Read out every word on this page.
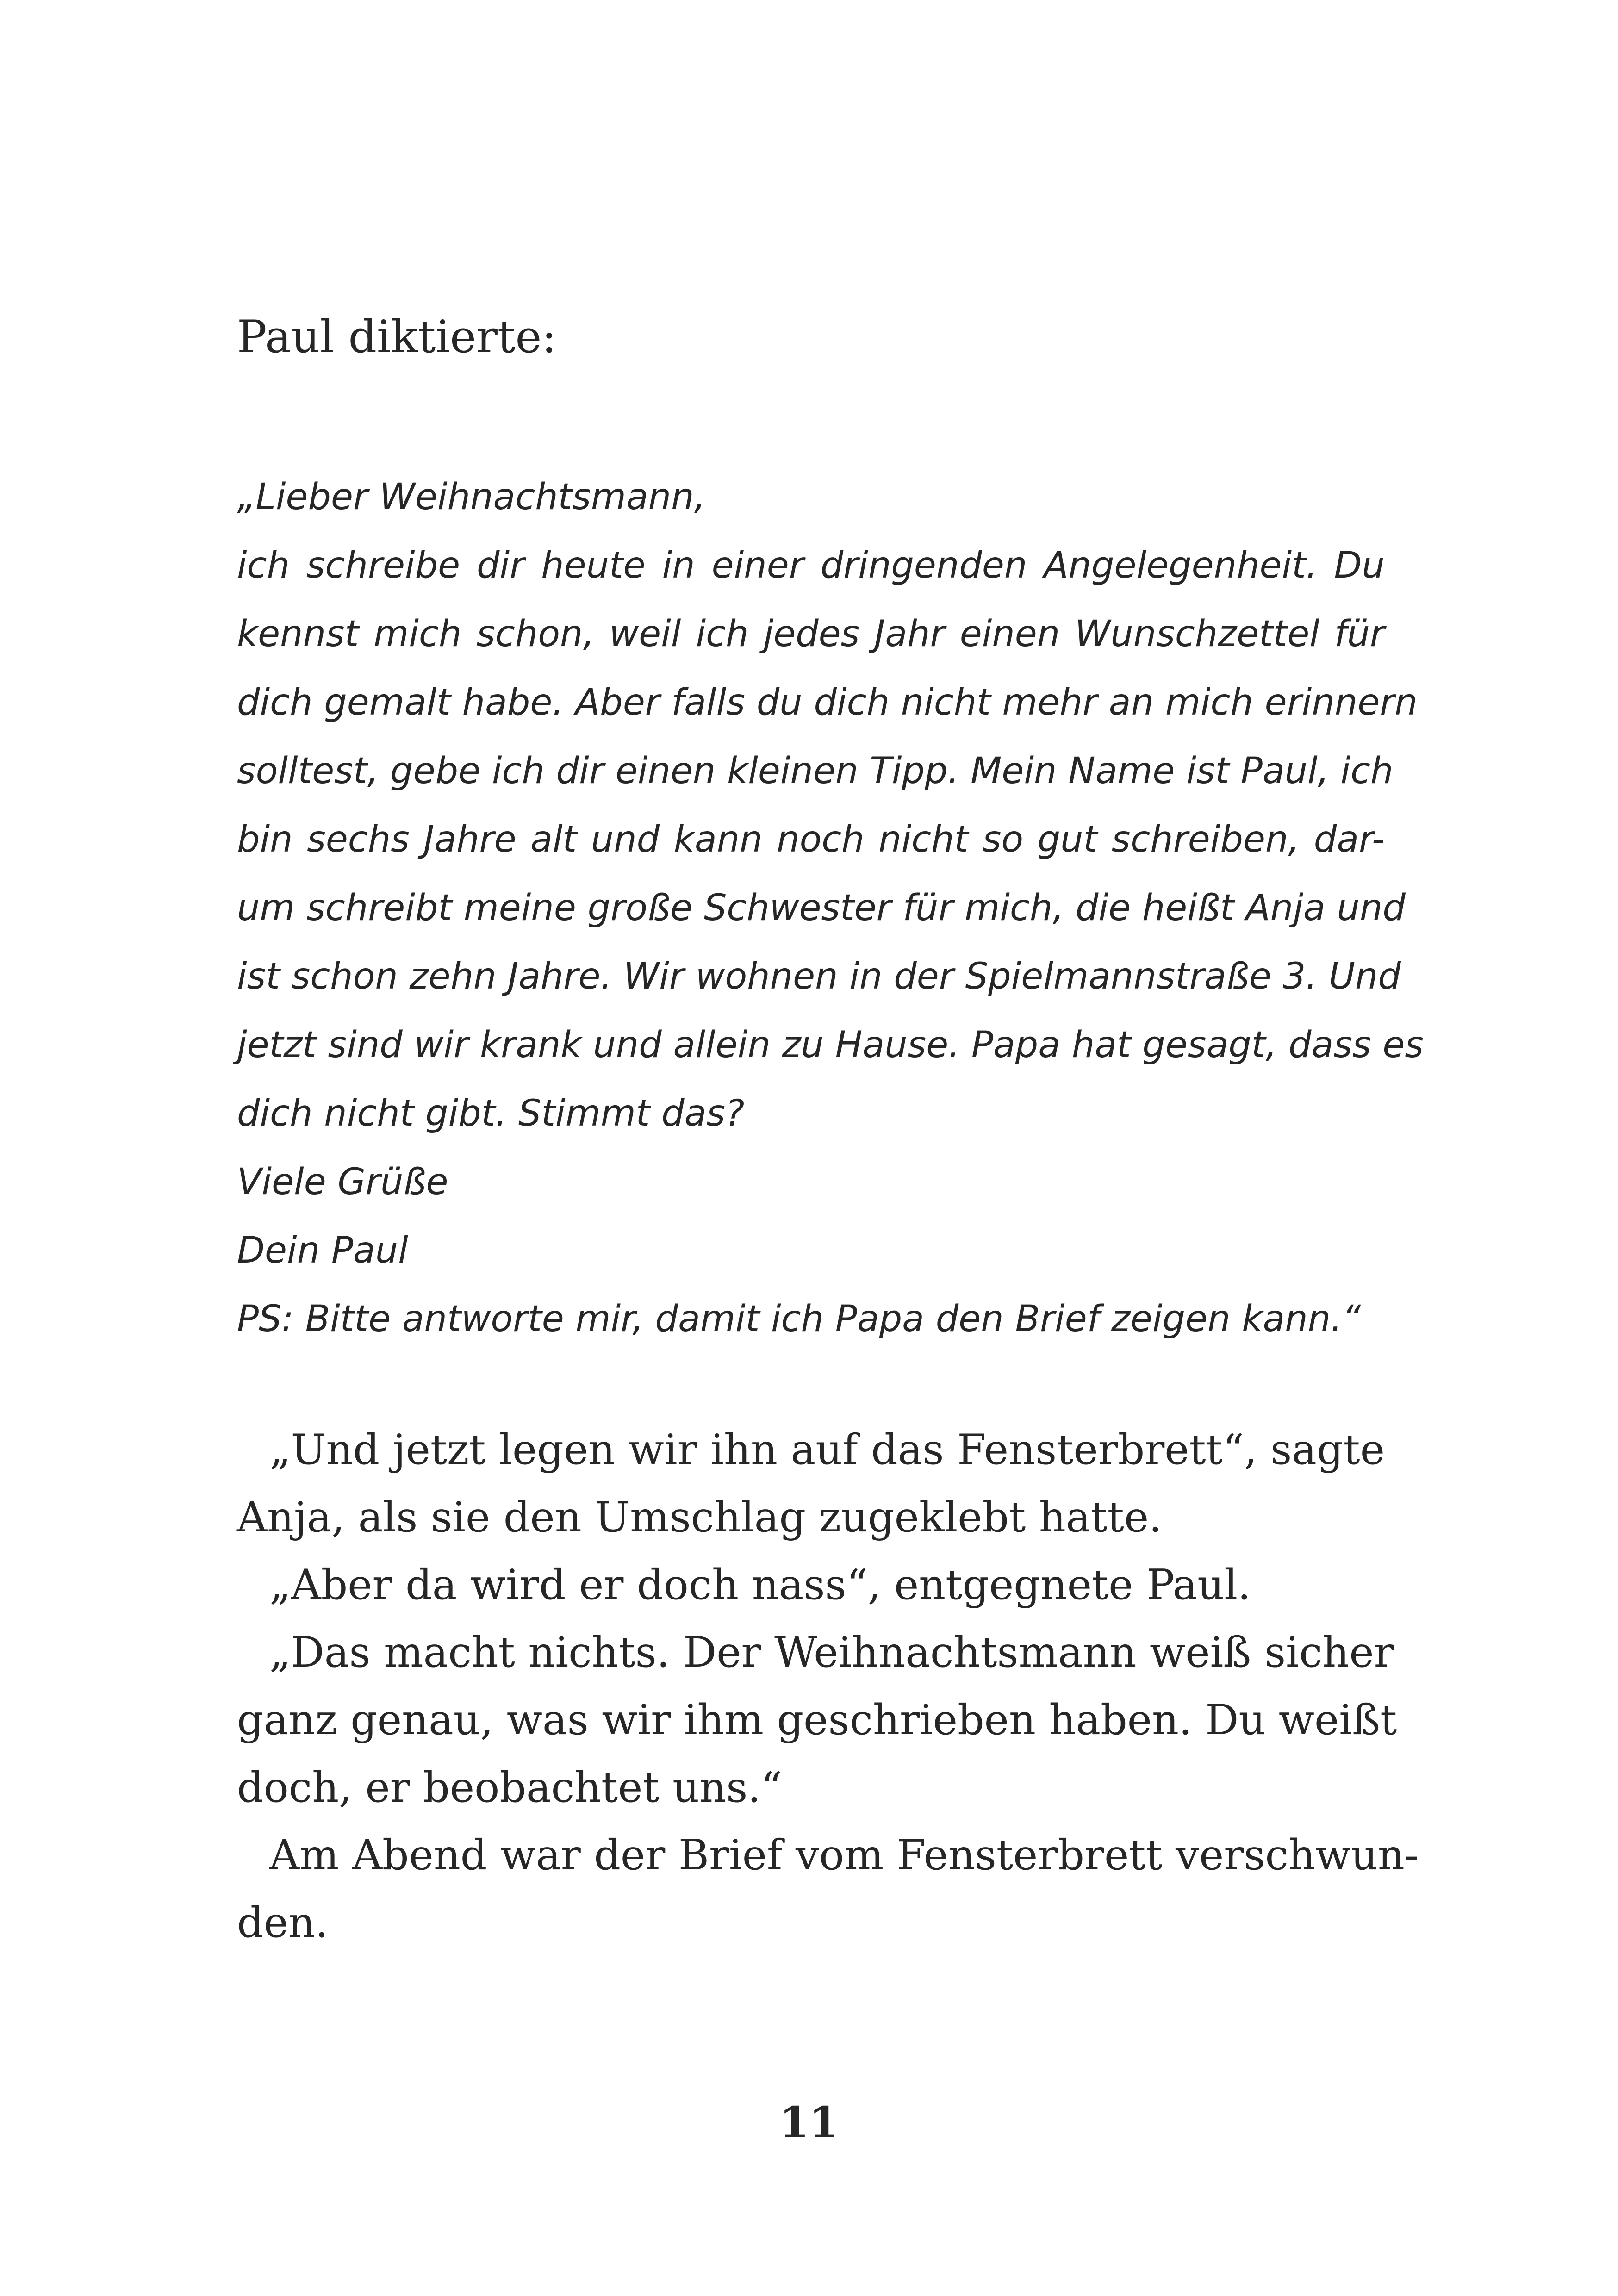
Paul diktierte:
„Lieber Weihnachtsmann,
ich schreibe dir heute in einer dringenden Angelegenheit. Du
kennst mich schon, weil ich jedes Jahr einen Wunschzettel für
dich gemalt habe. Aber falls du dich nicht mehr an mich erinnern
solltest, gebe ich dir einen kleinen Tipp. Mein Name ist Paul, ich
bin sechs Jahre alt und kann noch nicht so gut schreiben, dar-
um schreibt meine große Schwester für mich, die heißt Anja und
ist schon zehn Jahre. Wir wohnen in der Spielmannstraße 3. Und
jetzt sind wir krank und allein zu Hause. Papa hat gesagt, dass es
dich nicht gibt. Stimmt das?
Viele Grüße
Dein Paul
PS: Bitte antworte mir, damit ich Papa den Brief zeigen kann.“
„Und jetzt legen wir ihn auf das Fensterbrett“, sagte
Anja, als sie den Umschlag zugeklebt hatte.
„Aber da wird er doch nass“, entgegnete Paul.
„Das macht nichts. Der Weihnachtsmann weiß sicher
ganz genau, was wir ihm geschrieben haben. Du weißt
doch, er beobachtet uns.“
Am Abend war der Brief vom Fensterbrett verschwun-
den.
11
